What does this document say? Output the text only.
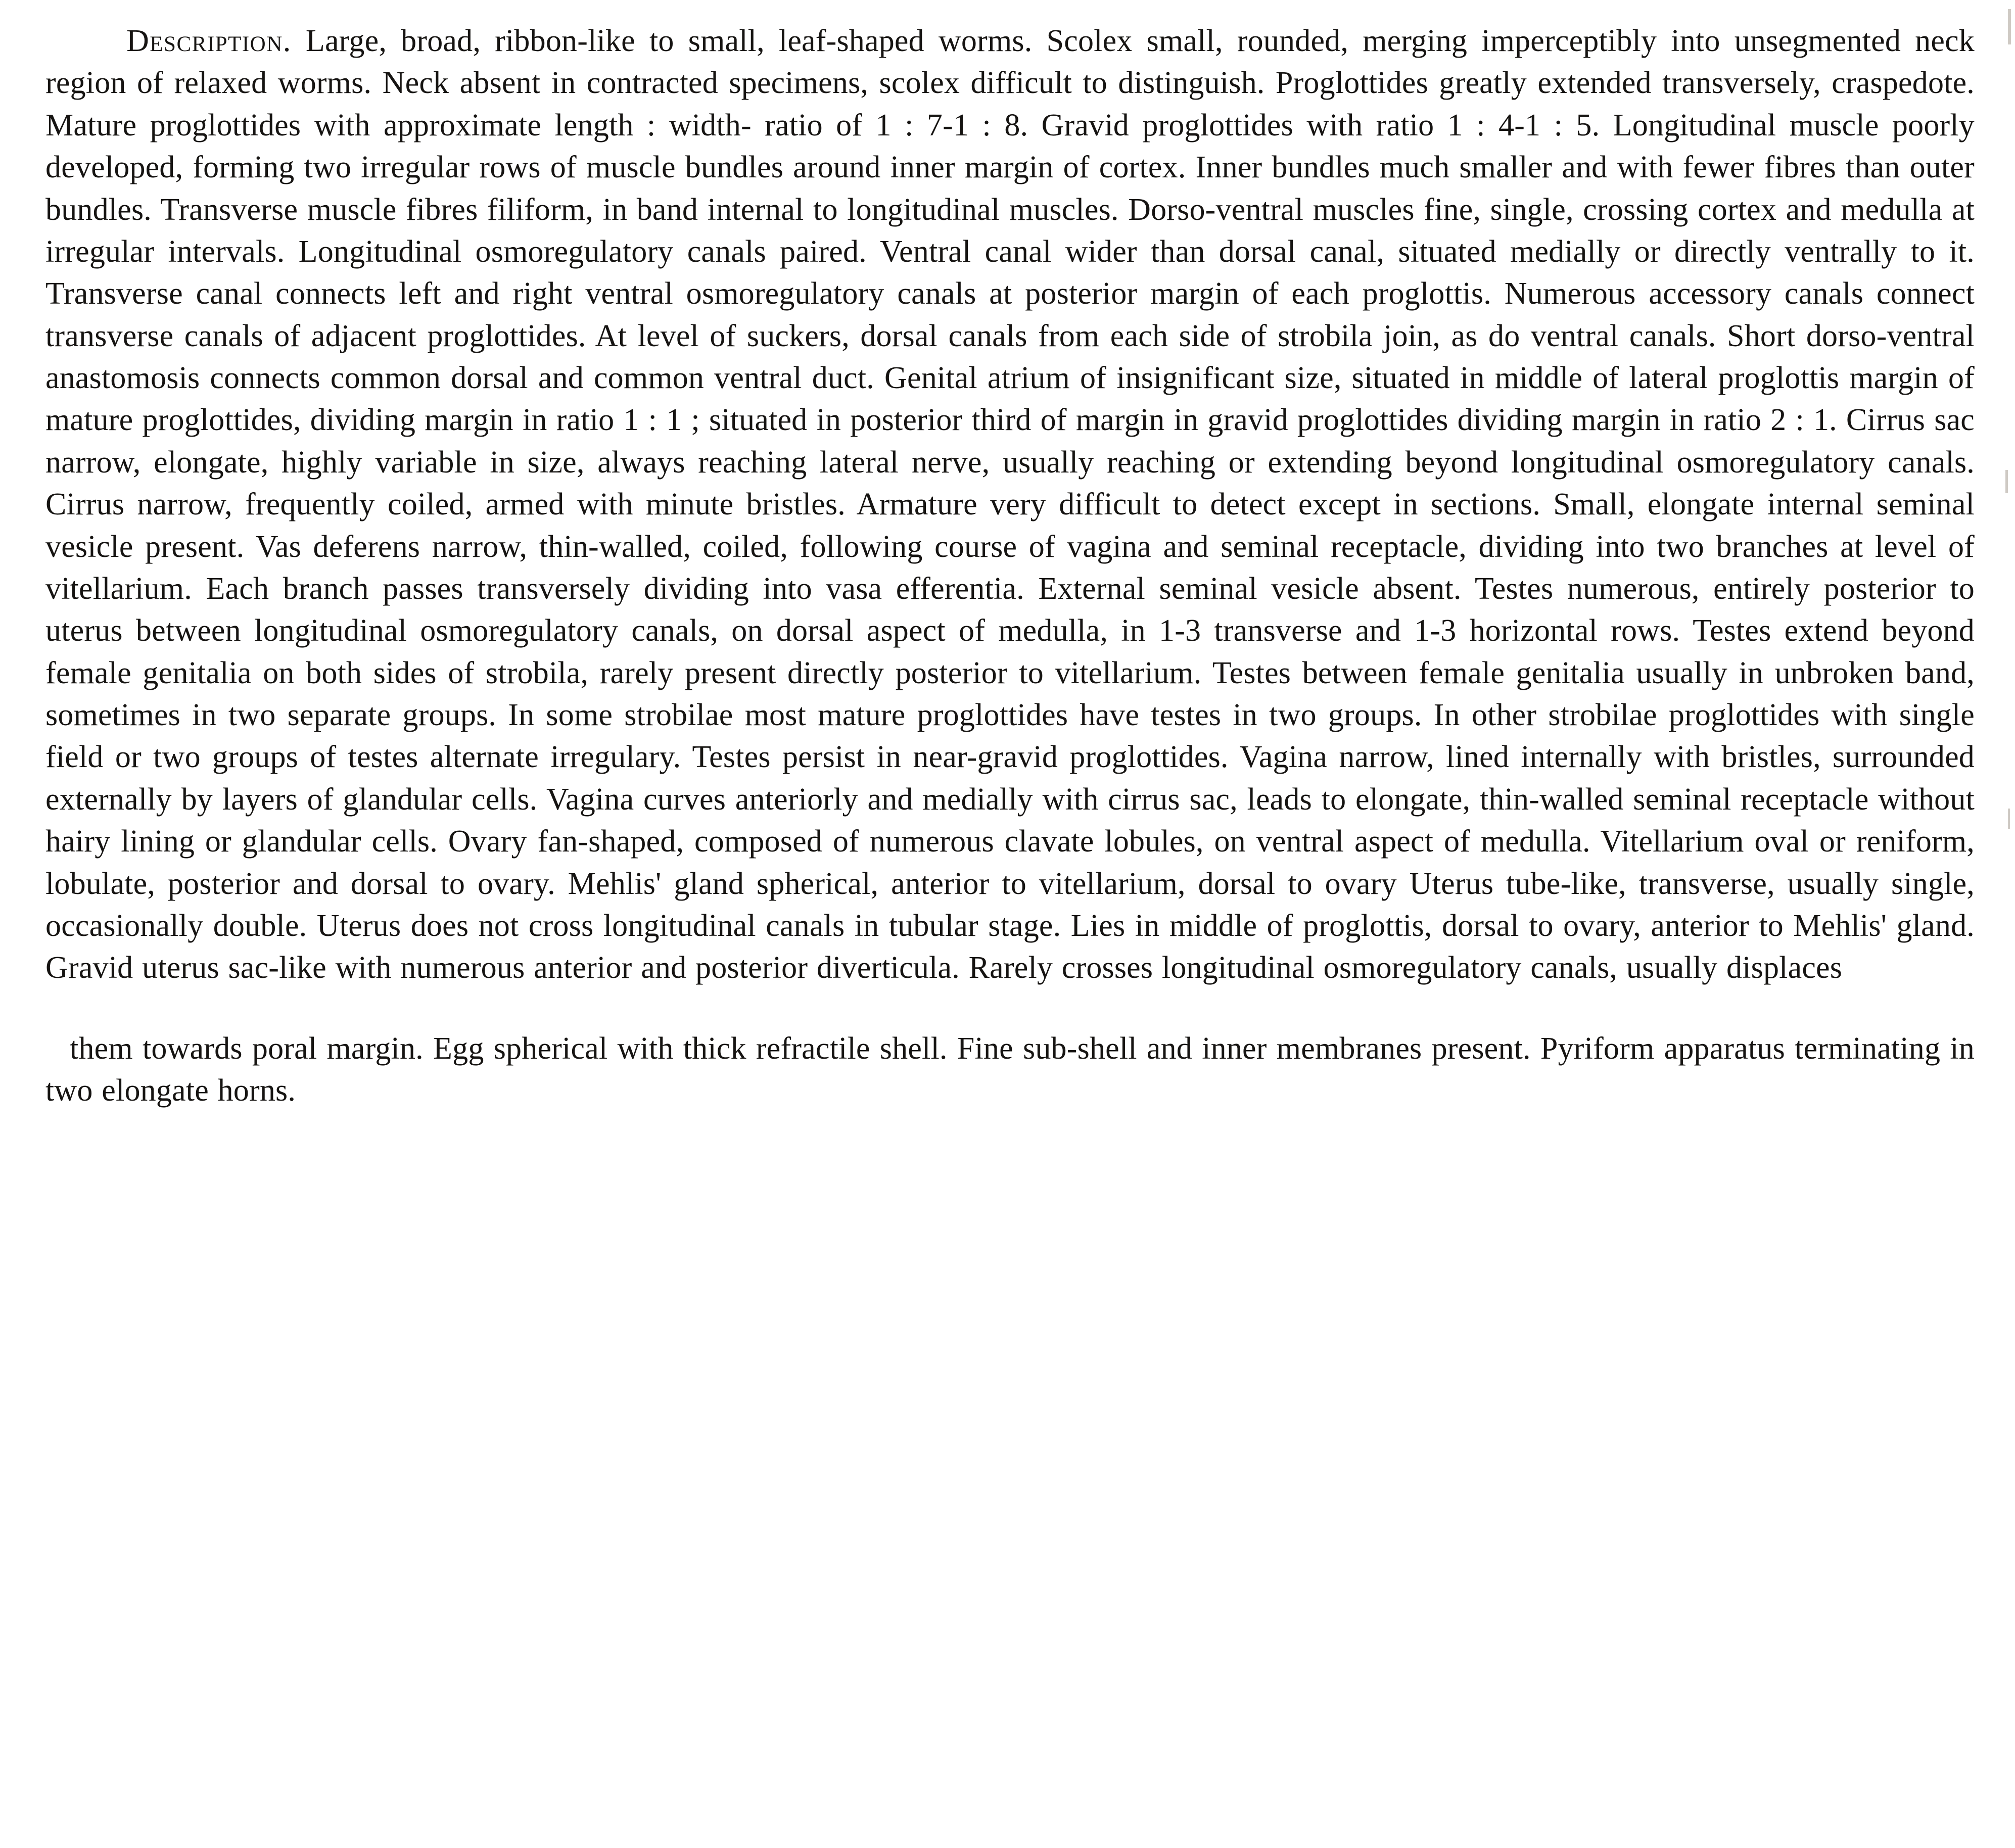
Description. Large, broad, ribbon-like to small, leaf-shaped worms. Scolex small, rounded, merging imperceptibly into unsegmented neck region of relaxed worms. Neck absent in contracted specimens, scolex difficult to distinguish. Proglottides greatly extended transversely, craspedote. Mature proglottides with approximate length : width- ratio of 1 : 7-1 : 8. Gravid proglottides with ratio 1 : 4-1 : 5. Longitudinal muscle poorly developed, forming two irregular rows of muscle bundles around inner margin of cortex. Inner bundles much smaller and with fewer fibres than outer bundles. Transverse muscle fibres filiform, in band internal to longitudinal muscles. Dorso-ventral muscles fine, single, crossing cortex and medulla at irregular intervals. Longitudinal osmoregulatory canals paired. Ventral canal wider than dorsal canal, situated medially or directly ventrally to it. Transverse canal connects left and right ventral osmoregulatory canals at posterior margin of each proglottis. Numerous accessory canals connect transverse canals of adjacent proglottides. At level of suckers, dorsal canals from each side of strobila join, as do ventral canals. Short dorso-ventral anastomosis connects common dorsal and common ventral duct. Genital atrium of insignificant size, situated in middle of lateral proglottis margin of mature proglottides, dividing margin in ratio 1 : 1 ; situated in posterior third of margin in gravid proglottides dividing margin in ratio 2 : 1. Cirrus sac narrow, elongate, highly variable in size, always reaching lateral nerve, usually reaching or extending beyond longitudinal osmoregulatory canals. Cirrus narrow, frequently coiled, armed with minute bristles. Armature very difficult to detect except in sections. Small, elongate internal seminal vesicle present. Vas deferens narrow, thin-walled, coiled, following course of vagina and seminal receptacle, dividing into two branches at level of vitellarium. Each branch passes transversely dividing into vasa efferentia. External seminal vesicle absent. Testes numerous, entirely posterior to uterus between longitudinal osmoregulatory canals, on dorsal aspect of medulla, in 1-3 transverse and 1-3 horizontal rows. Testes extend beyond female genitalia on both sides of strobila, rarely present directly posterior to vitellarium. Testes between female genitalia usually in unbroken band, sometimes in two separate groups. In some strobilae most mature proglottides have testes in two groups. In other strobilae proglottides with single field or two groups of testes alternate irregulary. Testes persist in near-gravid proglottides. Vagina narrow, lined internally with bristles, surrounded externally by layers of glandular cells. Vagina curves anteriorly and medially with cirrus sac, leads to elongate, thin-walled seminal receptacle without hairy lining or glandular cells. Ovary fan-shaped, composed of numerous clavate lobules, on ventral aspect of medulla. Vitellarium oval or reniform, lobulate, posterior and dorsal to ovary. Mehlis' gland spherical, anterior to vitellarium, dorsal to ovary Uterus tube-like, transverse, usually single, occasionally double. Uterus does not cross longitudinal canals in tubular stage. Lies in middle of proglottis, dorsal to ovary, anterior to Mehlis' gland. Gravid uterus sac-like with numerous anterior and posterior diverticula. Rarely crosses longitudinal osmoregulatory canals, usually displaces

them towards poral margin. Egg spherical with thick refractile shell. Fine sub-shell and inner membranes present. Pyriform apparatus terminating in two elongate horns.
